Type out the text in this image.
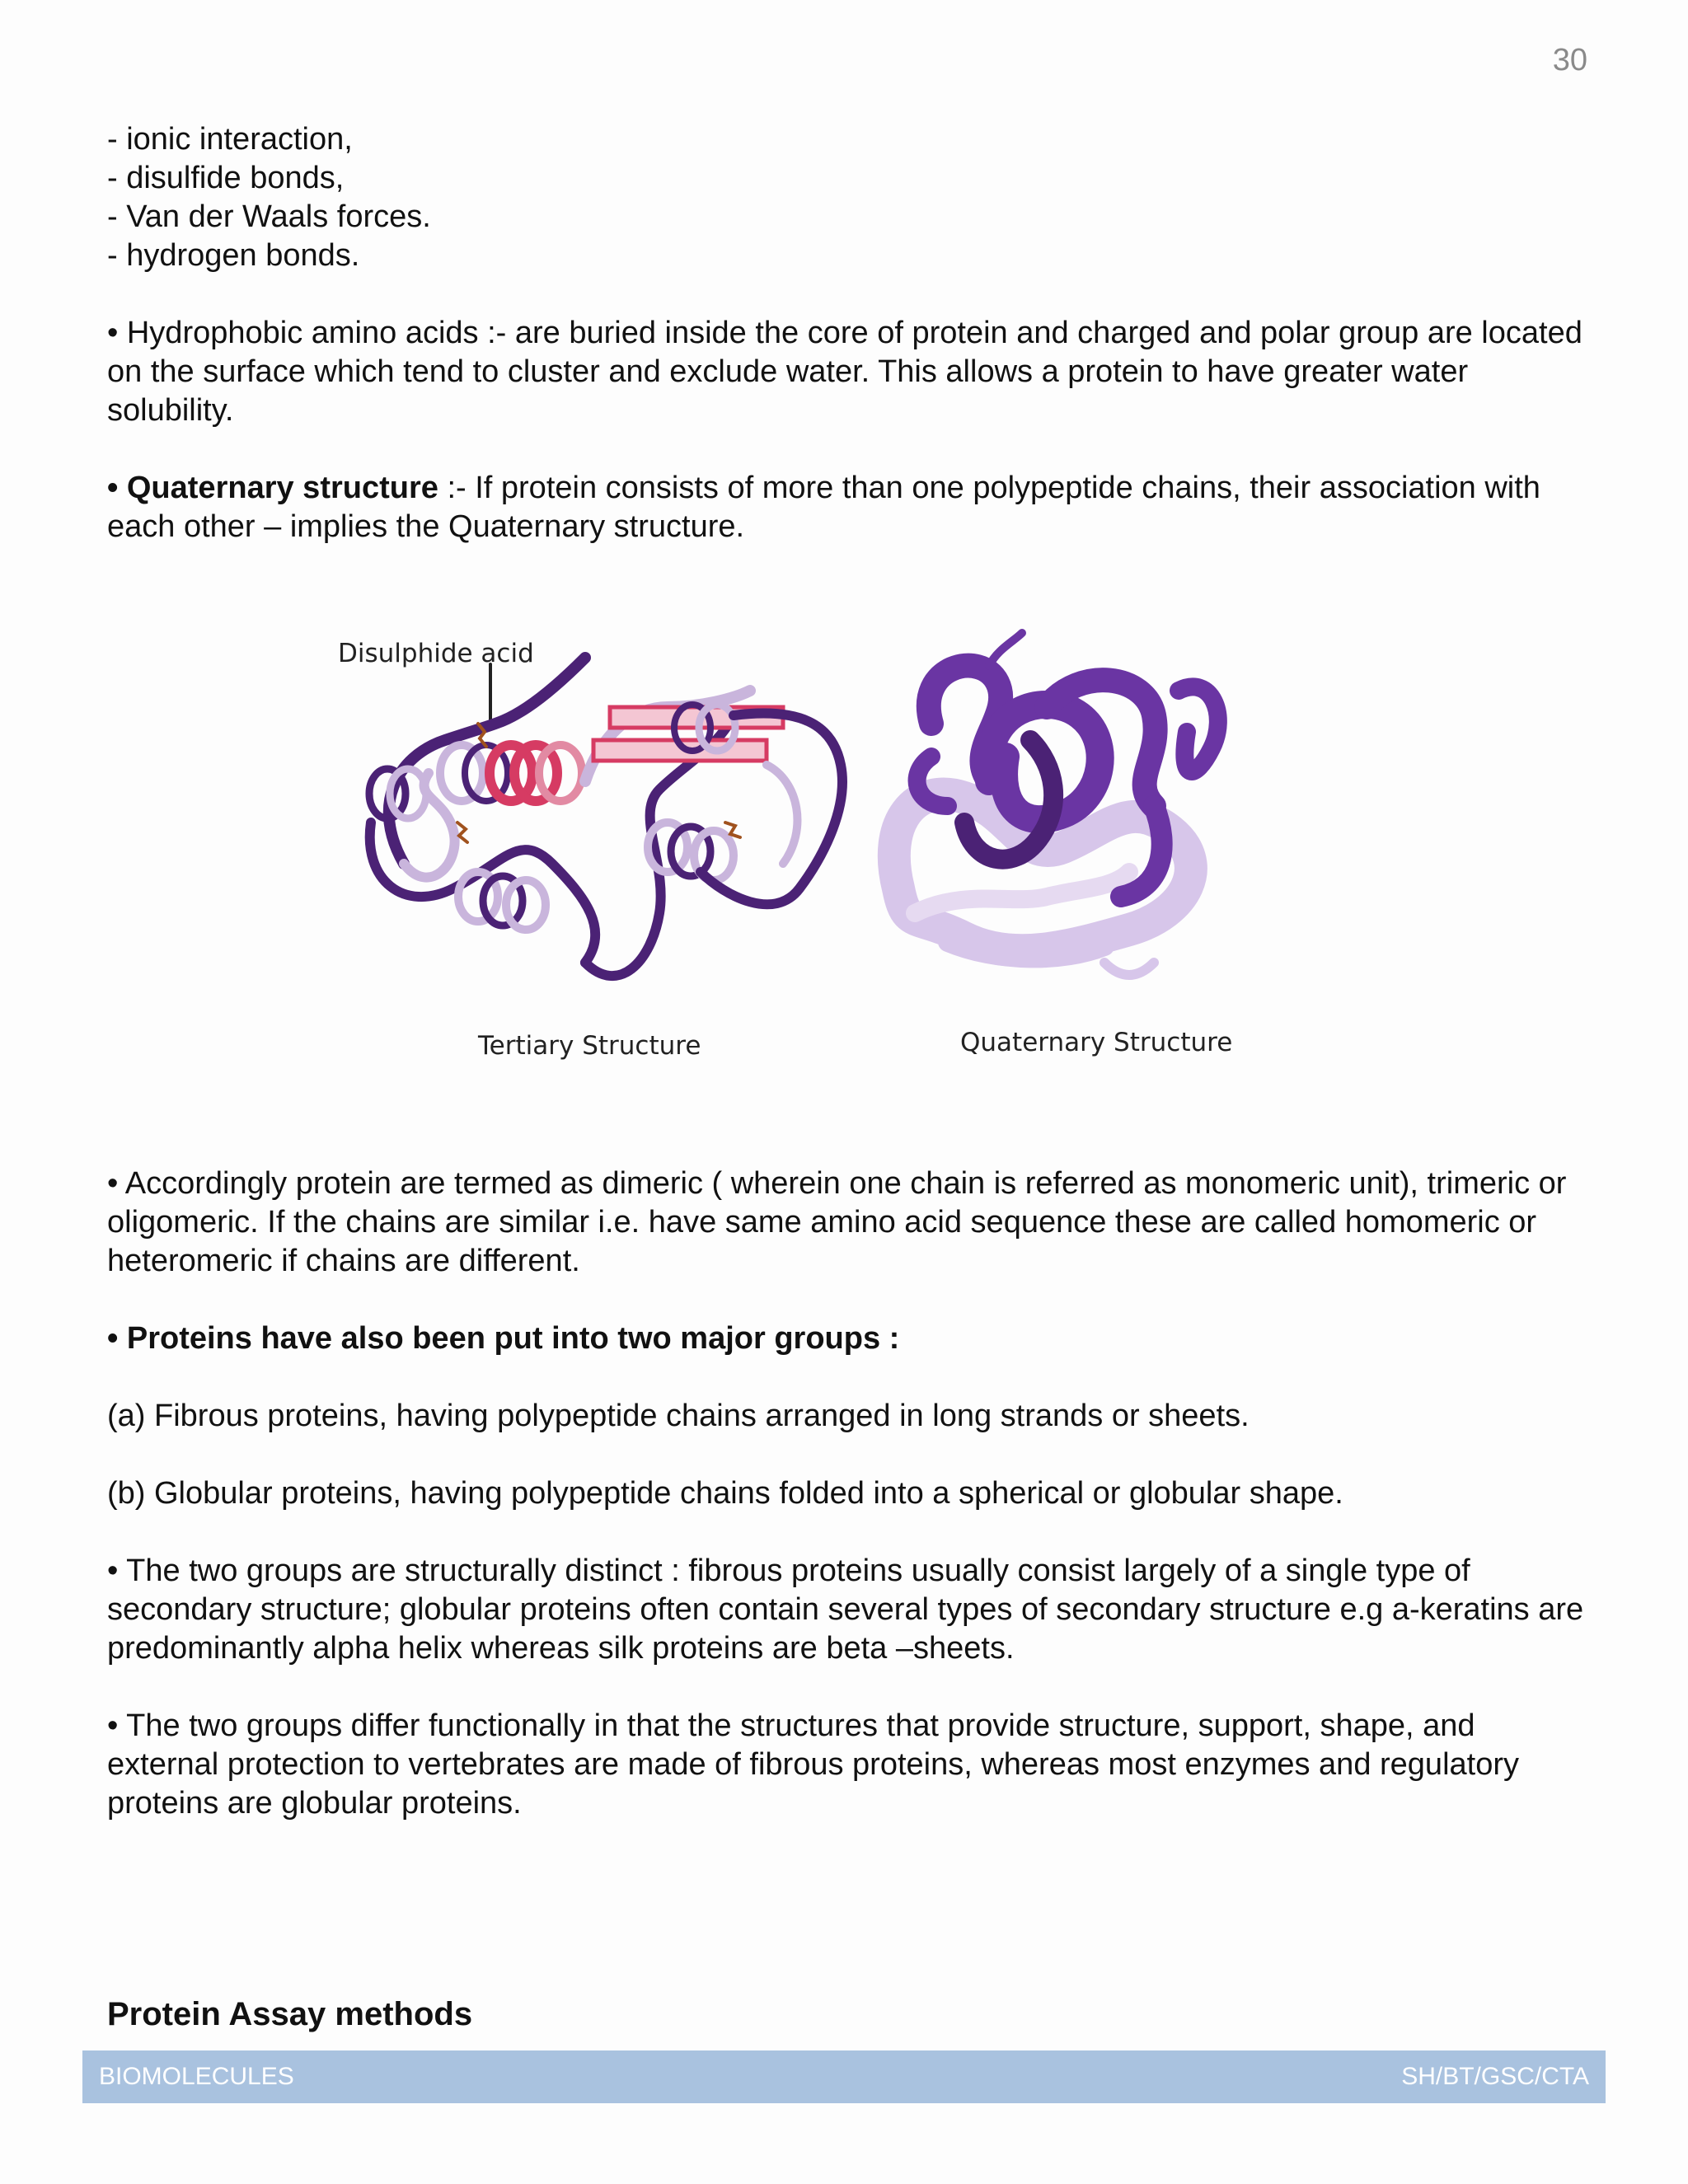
30

- ionic interaction,

- disulfide bonds,

- Van der Waals forces.

- hydrogen bonds.

• Hydrophobic amino acids :- are buried inside the core of protein and charged and polar group are located on the surface which tend to cluster and exclude water. This allows a protein to have greater water solubility.

• Quaternary structure :- If protein consists of more than one polypeptide chains, their association with each other – implies the Quaternary structure.

Disulphide acid
Tertiary Structure	Quaternary Structure

• Accordingly protein are termed as dimeric ( wherein one chain is referred as monomeric unit), trimeric or oligomeric. If the chains are similar i.e. have same amino acid sequence these are called homomeric or heteromeric if chains are different.

• Proteins have also been put into two major groups :

(a) Fibrous proteins, having polypeptide chains arranged in long strands or sheets.

(b) Globular proteins, having polypeptide chains folded into a spherical or globular shape.

• The two groups are structurally distinct : fibrous proteins usually consist largely of a single type of secondary structure; globular proteins often contain several types of secondary structure e.g a-keratins are predominantly alpha helix whereas silk proteins are beta –sheets.

• The two groups differ functionally in that the structures that provide structure, support, shape, and external protection to vertebrates are made of fibrous proteins, whereas most enzymes and regulatory proteins are globular proteins.

Protein Assay methods
BIOMOLECULES	SH/BT/GSC/CTA
